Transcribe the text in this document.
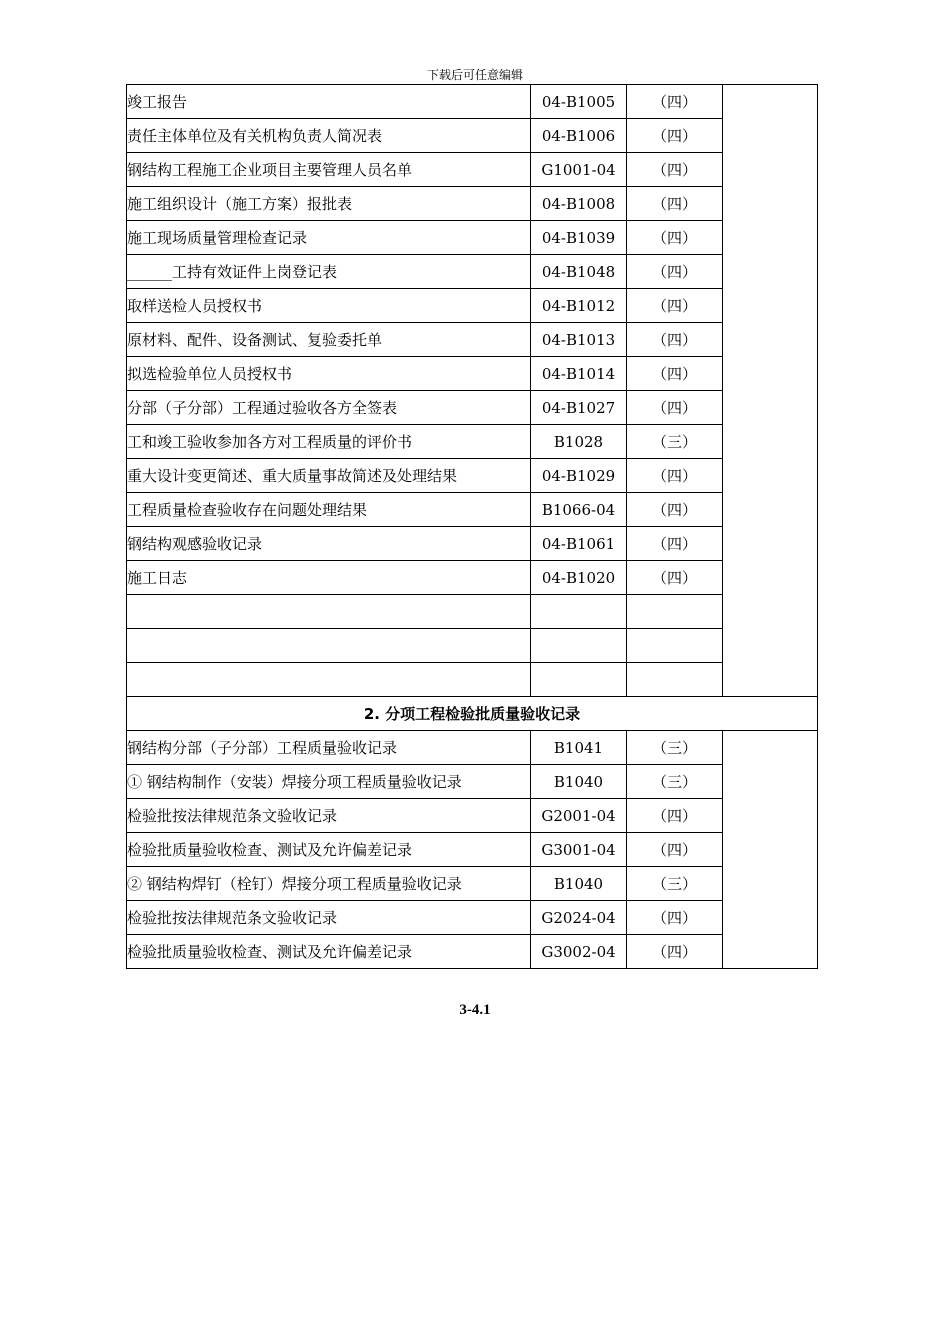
下载后可任意编辑
竣工报告	04-B1005	（四）	
责任主体单位及有关机构负责人简况表	04-B1006	（四）	
钢结构工程施工企业项目主要管理人员名单	G1001-04	（四）	
施工组织设计（施工方案）报批表	04-B1008	（四）	
施工现场质量管理检查记录	04-B1039	（四）	
______工持有效证件上岗登记表	04-B1048	（四）	
取样送检人员授权书	04-B1012	（四）	
原材料、配件、设备测试、复验委托单	04-B1013	（四）	
拟选检验单位人员授权书	04-B1014	（四）	
分部（子分部）工程通过验收各方全签表	04-B1027	（四）	
工和竣工验收参加各方对工程质量的评价书	B1028	（三）	
重大设计变更简述、重大质量事故简述及处理结果	04-B1029	（四）	
工程质量检查验收存在问题处理结果	B1066-04	（四）	
钢结构观感验收记录	04-B1061	（四）	
施工日志	04-B1020	（四）	

2. 分项工程检验批质量验收记录			
钢结构分部（子分部）工程质量验收记录	B1041	（三）	
① 钢结构制作（安装）焊接分项工程质量验收记录	B1040	（三）	
检验批按法律规范条文验收记录	G2001-04	（四）	
检验批质量验收检查、测试及允许偏差记录	G3001-04	（四）	
② 钢结构焊钉（栓钉）焊接分项工程质量验收记录	B1040	（三）	
检验批按法律规范条文验收记录	G2024-04	（四）	
检验批质量验收检查、测试及允许偏差记录	G3002-04	（四）	
3-4.1
